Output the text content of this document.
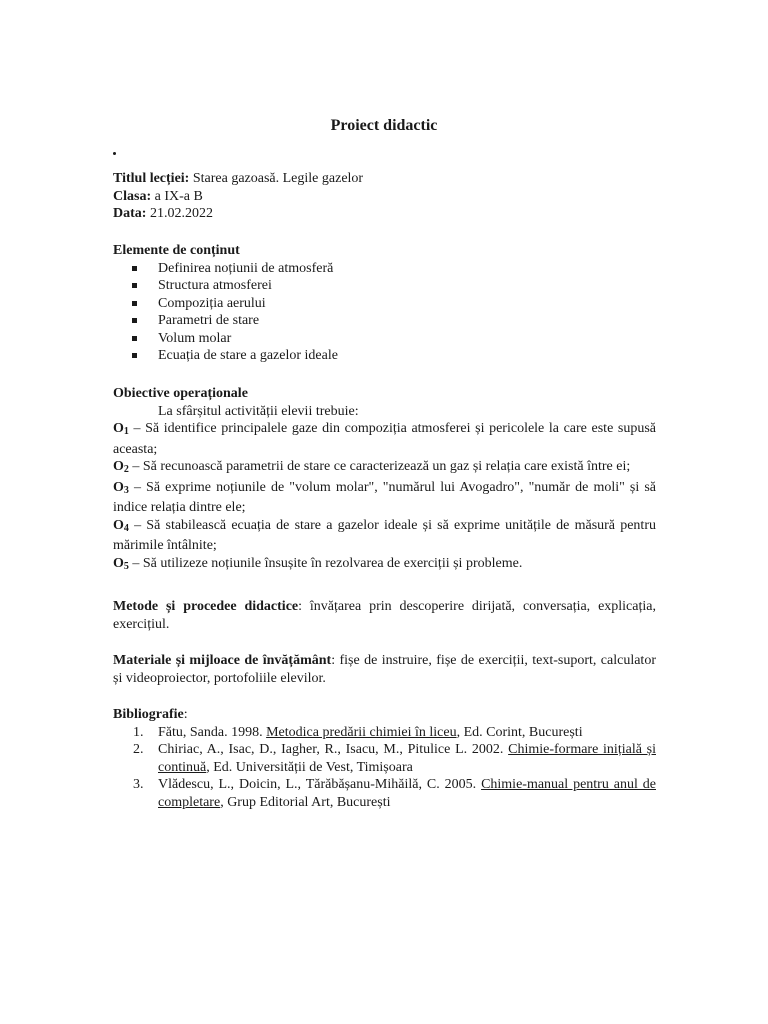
Proiect didactic

Titlul lecției: Starea gazoasă. Legile gazelor

Clasa: a IX-a B

Data: 21.02.2022

Elemente de conținut

Definirea noțiunii de atmosferă
Structura atmosferei
Compoziția aerului
Parametri de stare
Volum molar
Ecuația de stare a gazelor ideale

Obiective operaționale

La sfârșitul activității elevii trebuie:

$O_1$ – Să identifice principalele gaze din compoziția atmosferei și pericolele la care este supusă aceasta;

$O_2$ – Să recunoască parametrii de stare ce caracterizează un gaz și relația care există între ei;

$O_3$ – Să exprime noțiunile de "volum molar", "numărul lui Avogadro", "număr de moli" și să indice relația dintre ele;

$O_4$ – Să stabilească ecuația de stare a gazelor ideale și să exprime unitățile de măsură pentru mărimile întâlnite;

$O_5$ – Să utilizeze noțiunile însușite în rezolvarea de exerciții și probleme.

Metode și procedee didactice: învățarea prin descoperire dirijată, conversația, explicația, exercițiul.

Materiale și mijloace de învățământ: fișe de instruire, fișe de exerciții, text-suport, calculator și videoproiector, portofoliile elevilor.

Bibliografie:

1. Fătu, Sanda. 1998. Metodica predării chimiei în liceu, Ed. Corint, București
2. Chiriac, A., Isac, D., Iagher, R., Isacu, M., Pitulice L. 2002. Chimie-formare inițială și continuă, Ed. Universității de Vest, Timișoara
3. Vlădescu, L., Doicin, L., Tărăbășanu-Mihăilă, C. 2005. Chimie-manual pentru anul de completare, Grup Editorial Art, București
